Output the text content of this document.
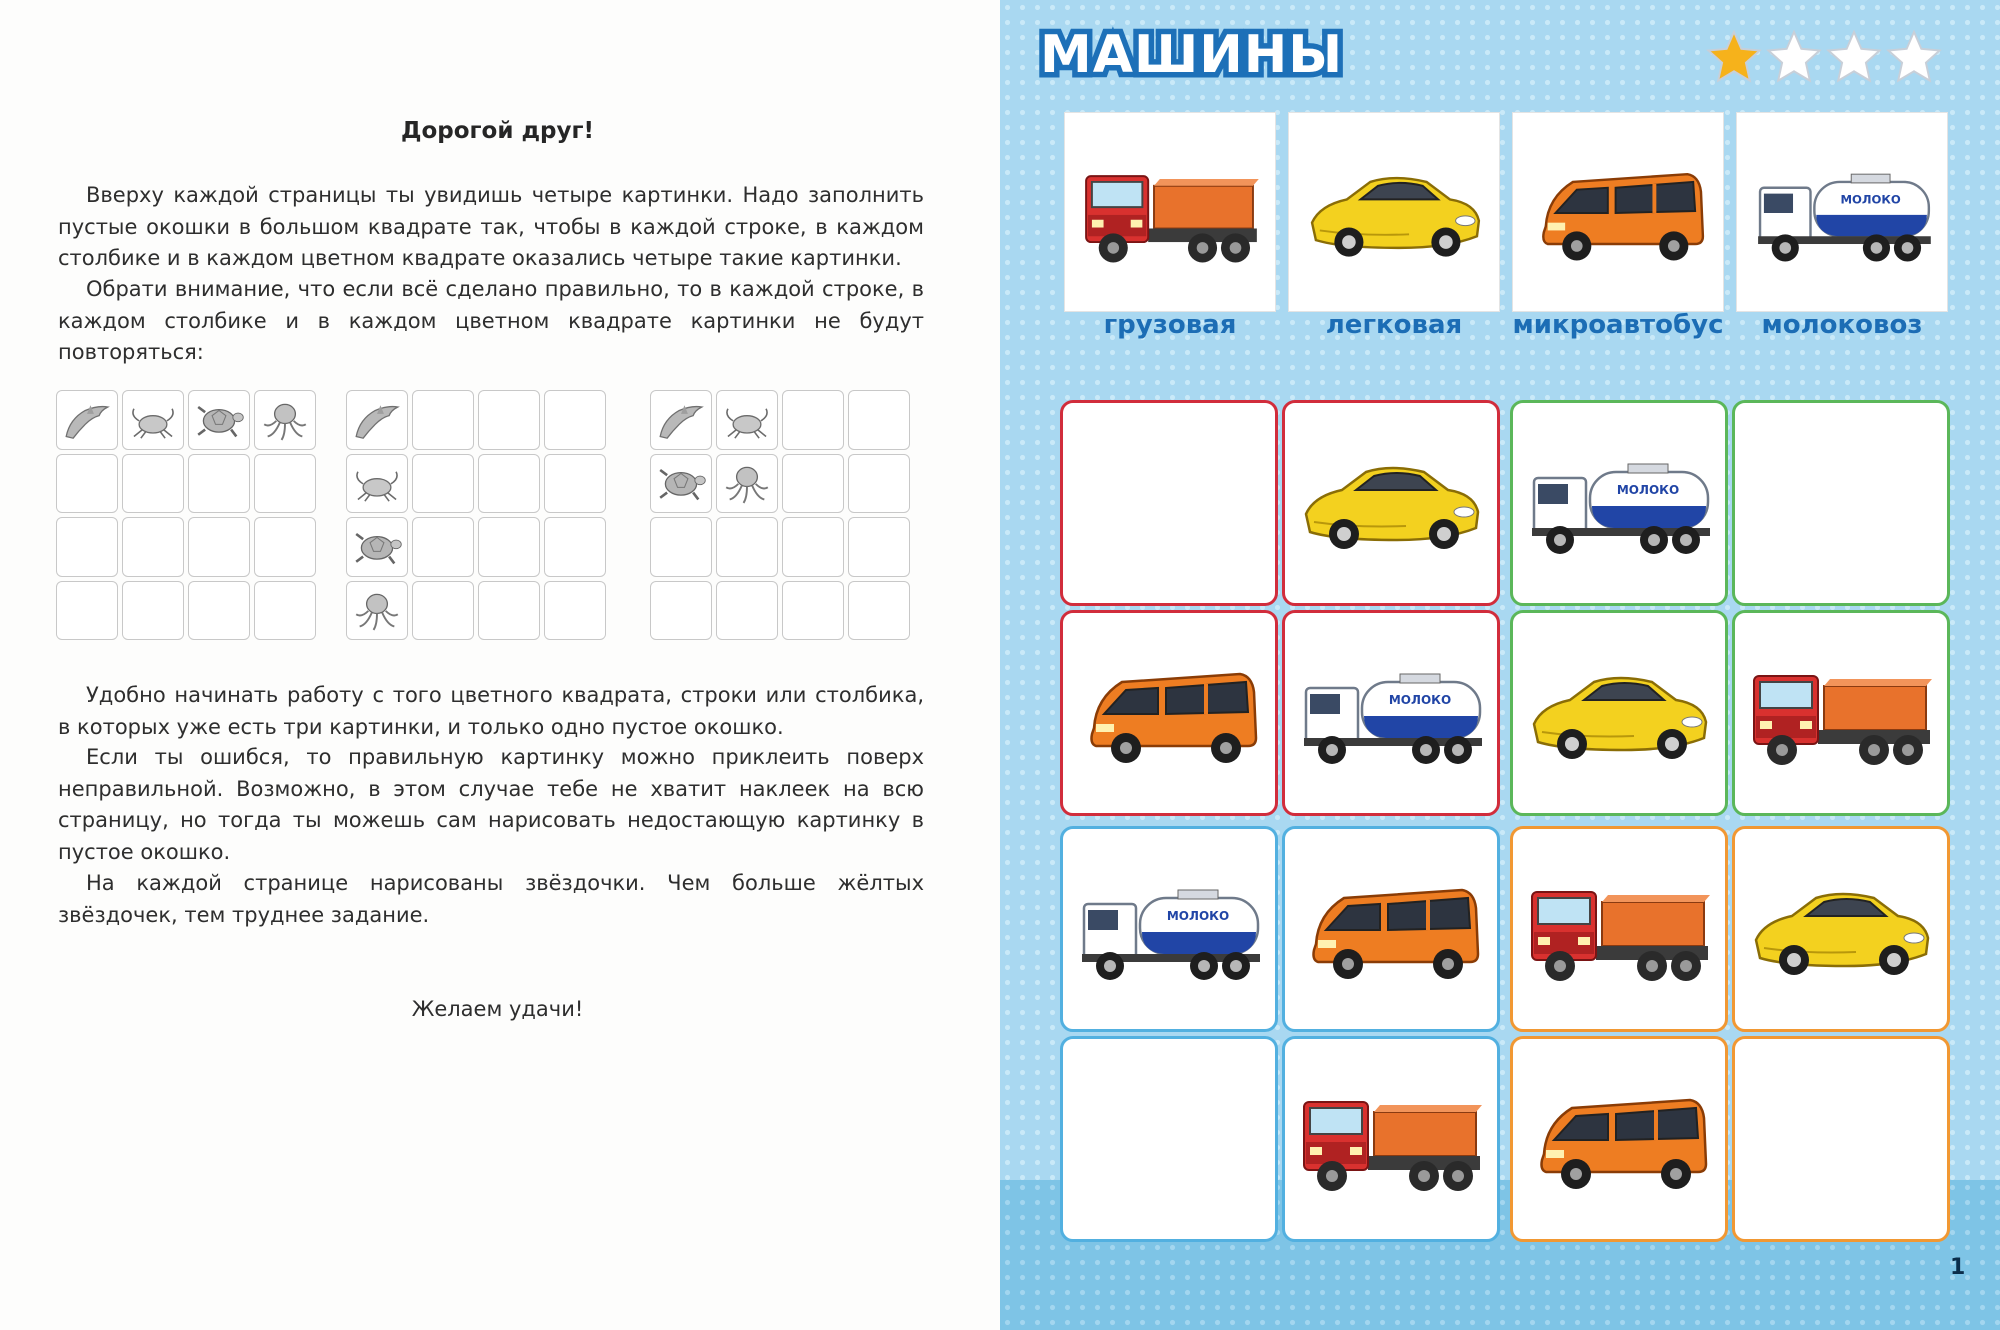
Дорогой друг!
Вверху каждой страницы ты увидишь четыре картинки. Надо заполнить пустые окошки в большом квадрате так, чтобы в каждой строке, в каждом столбике и в каждом цветном квадрате оказались четыре такие картинки.
Обрати внимание, что если всё сделано правильно, то в каждой строке, в каждом столбике и в каждом цветном квадрате картинки не будут повторяться:
Удобно начинать работу с того цветного квадрата, строки или столбика, в которых уже есть три картинки, и только одно пустое окошко.
Если ты ошибся, то правильную картинку можно приклеить поверх неправильной. Возможно, в этом случае тебе не хватит наклеек на всю страницу, но тогда ты можешь сам нарисовать недостающую картинку в пустое окошко.
На каждой странице нарисованы звёздочки. Чем больше жёлтых звёздочек, тем труднее задание.
Желаем удачи!
МАШИНЫ
грузовая	легковая	микроавтобус	молоковоз
1
